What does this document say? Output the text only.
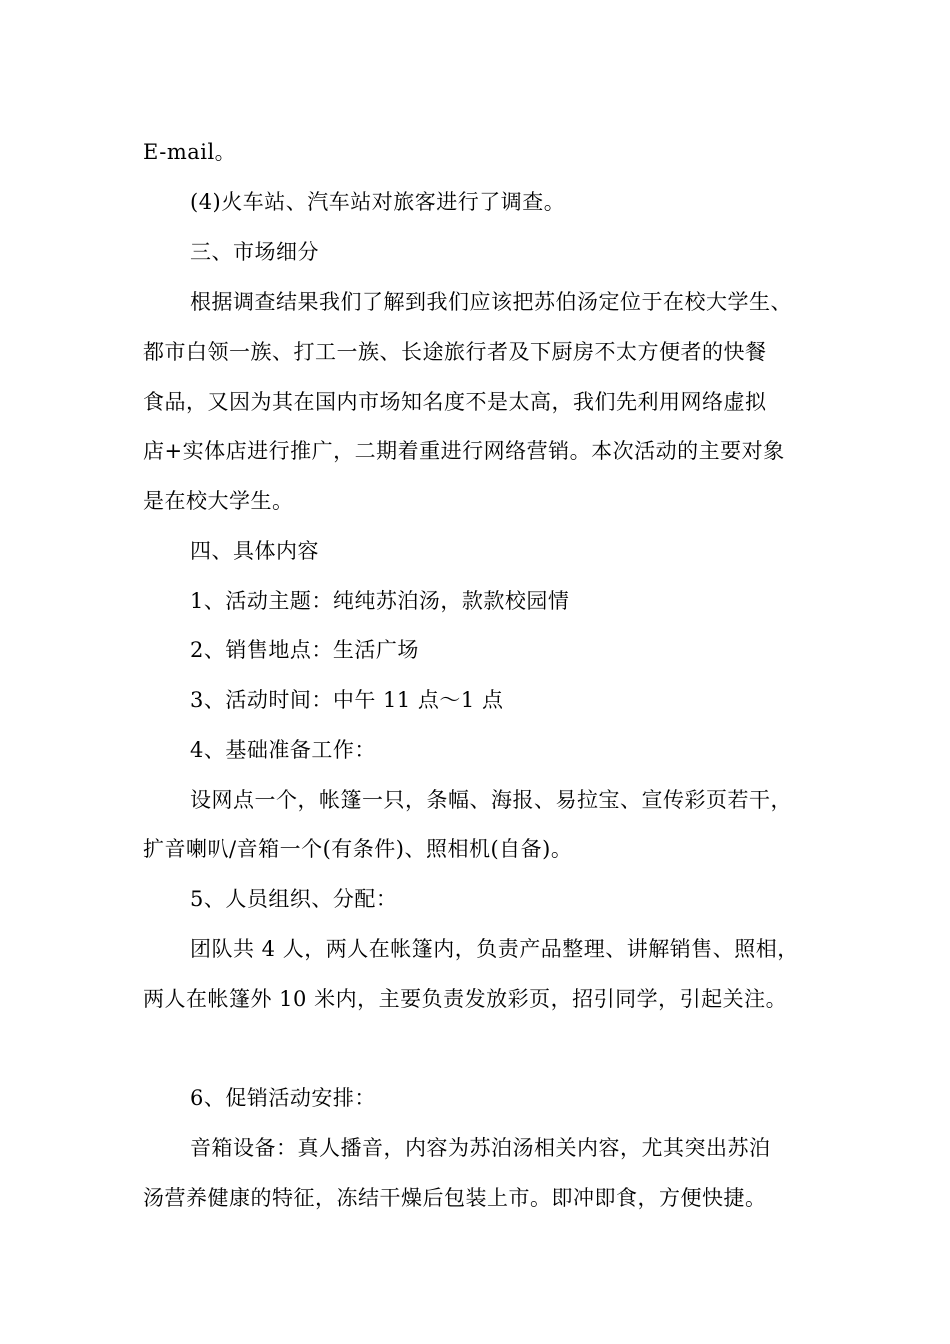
E-mail。
(4)火车站、汽车站对旅客进行了调查。
三、市场细分
根据调查结果我们了解到我们应该把苏伯汤定位于在校大学生、
都市白领一族、打工一族、长途旅行者及下厨房不太方便者的快餐
食品，又因为其在国内市场知名度不是太高，我们先利用网络虚拟
店+实体店进行推广，二期着重进行网络营销。本次活动的主要对象
是在校大学生。
四、具体内容
1、活动主题：纯纯苏泊汤，款款校园情
2、销售地点：生活广场
3、活动时间：中午 11 点～1 点
4、基础准备工作：
设网点一个，帐篷一只，条幅、海报、易拉宝、宣传彩页若干，
扩音喇叭/音箱一个(有条件)、照相机(自备)。
5、人员组织、分配：
团队共 4 人，两人在帐篷内，负责产品整理、讲解销售、照相，
两人在帐篷外 10 米内，主要负责发放彩页，招引同学，引起关注。
6、促销活动安排：
音箱设备：真人播音，内容为苏泊汤相关内容，尤其突出苏泊
汤营养健康的特征，冻结干燥后包装上市。即冲即食，方便快捷。
